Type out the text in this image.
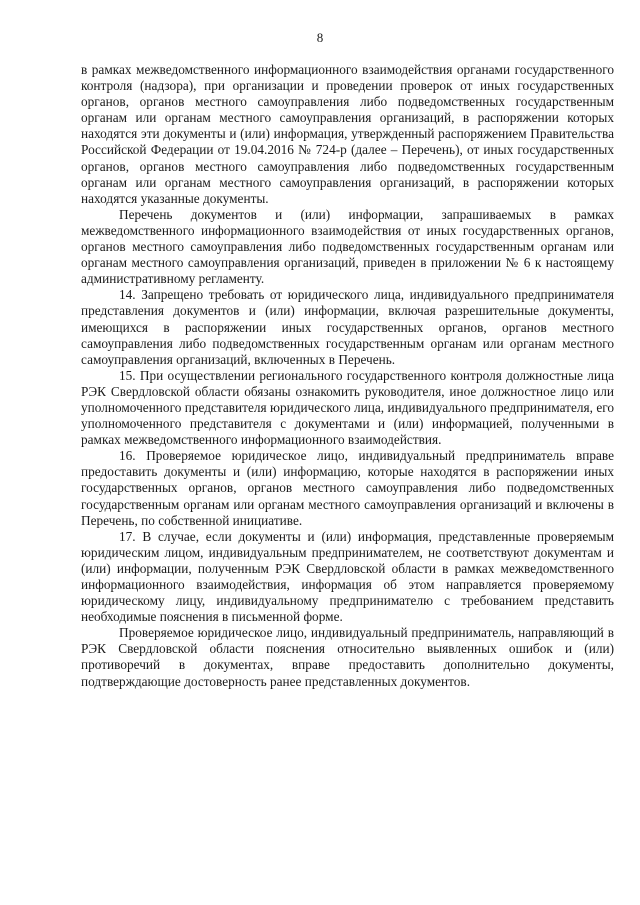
8

в рамках межведомственного информационного взаимодействия органами государственного контроля (надзора), при организации и проведении проверок от иных государственных органов, органов местного самоуправления либо подведомственных государственным органам или органам местного самоуправления организаций, в распоряжении которых находятся эти документы и (или) информация, утвержденный распоряжением Правительства Российской Федерации от 19.04.2016 № 724-р (далее – Перечень), от иных государственных органов, органов местного самоуправления либо подведомственных государственным органам или органам местного самоуправления организаций, в распоряжении которых находятся указанные документы.

Перечень документов и (или) информации, запрашиваемых в рамках межведомственного информационного взаимодействия от иных государственных органов, органов местного самоуправления либо подведомственных государственным органам или органам местного самоуправления организаций, приведен в приложении № 6 к настоящему административному регламенту.

14. Запрещено требовать от юридического лица, индивидуального предпринимателя представления документов и (или) информации, включая разрешительные документы, имеющихся в распоряжении иных государственных органов, органов местного самоуправления либо подведомственных государственным органам или органам местного самоуправления организаций, включенных в Перечень.

15. При осуществлении регионального государственного контроля должностные лица РЭК Свердловской области обязаны ознакомить руководителя, иное должностное лицо или уполномоченного представителя юридического лица, индивидуального предпринимателя, его уполномоченного представителя с документами и (или) информацией, полученными в рамках межведомственного информационного взаимодействия.

16. Проверяемое юридическое лицо, индивидуальный предприниматель вправе предоставить документы и (или) информацию, которые находятся в распоряжении иных государственных органов, органов местного самоуправления либо подведомственных государственным органам или органам местного самоуправления организаций и включены в Перечень, по собственной инициативе.

17. В случае, если документы и (или) информация, представленные проверяемым юридическим лицом, индивидуальным предпринимателем, не соответствуют документам и (или) информации, полученным РЭК Свердловской области в рамках межведомственного информационного взаимодействия, информация об этом направляется проверяемому юридическому лицу, индивидуальному предпринимателю с требованием представить необходимые пояснения в письменной форме.

Проверяемое юридическое лицо, индивидуальный предприниматель, направляющий в РЭК Свердловской области пояснения относительно выявленных ошибок и (или) противоречий в документах, вправе предоставить дополнительно документы, подтверждающие достоверность ранее представленных документов.
